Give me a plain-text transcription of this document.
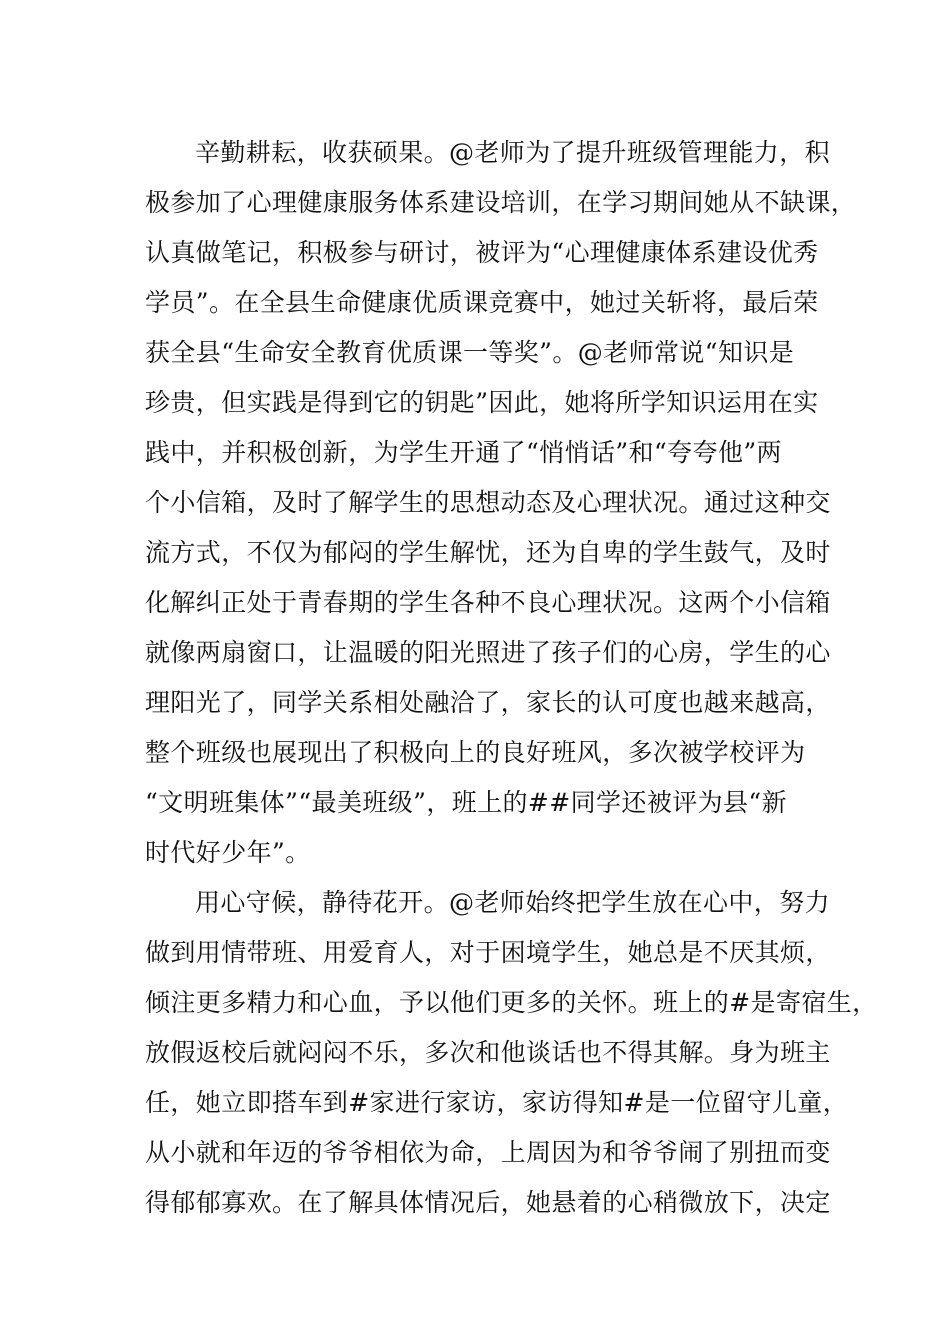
辛勤耕耘，收获硕果。@老师为了提升班级管理能力，积
极参加了心理健康服务体系建设培训，在学习期间她从不缺课，
认真做笔记，积极参与研讨，被评为“心理健康体系建设优秀
学员”。在全县生命健康优质课竞赛中，她过关斩将，最后荣
获全县“生命安全教育优质课一等奖”。@老师常说“知识是
珍贵，但实践是得到它的钥匙”因此，她将所学知识运用在实
践中，并积极创新，为学生开通了“悄悄话”和“夸夸他”两
个小信箱，及时了解学生的思想动态及心理状况。通过这种交
流方式，不仅为郁闷的学生解忧，还为自卑的学生鼓气，及时
化解纠正处于青春期的学生各种不良心理状况。这两个小信箱
就像两扇窗口，让温暖的阳光照进了孩子们的心房，学生的心
理阳光了，同学关系相处融洽了，家长的认可度也越来越高，
整个班级也展现出了积极向上的良好班风，多次被学校评为
“文明班集体”“最美班级”，班上的##同学还被评为县“新
时代好少年”。
用心守候，静待花开。@老师始终把学生放在心中，努力
做到用情带班、用爱育人，对于困境学生，她总是不厌其烦，
倾注更多精力和心血，予以他们更多的关怀。班上的#是寄宿生，
放假返校后就闷闷不乐，多次和他谈话也不得其解。身为班主
任，她立即搭车到#家进行家访，家访得知#是一位留守儿童，
从小就和年迈的爷爷相依为命，上周因为和爷爷闹了别扭而变
得郁郁寡欢。在了解具体情况后，她悬着的心稍微放下，决定
